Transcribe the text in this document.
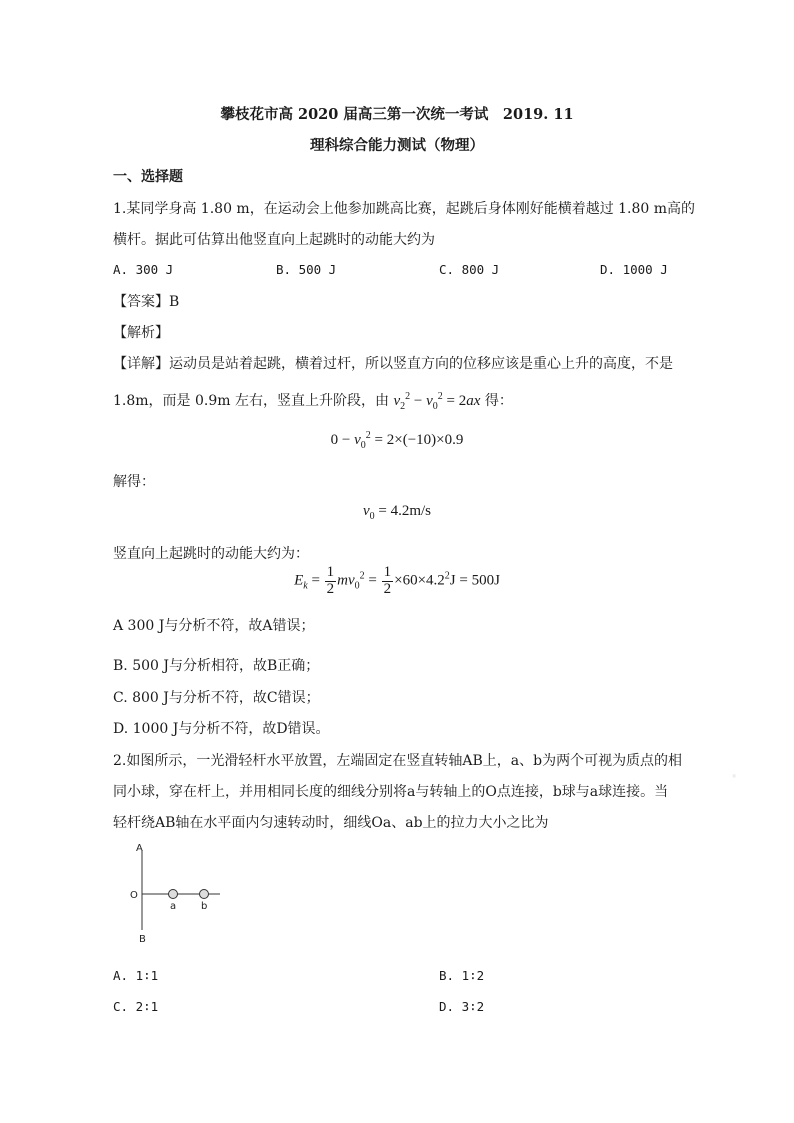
攀枝花市高 2020 届高三第一次统一考试　2019. 11
理科综合能力测试（物理）
一、选择题
1.某同学身高 1.80 m，在运动会上他参加跳高比赛，起跳后身体刚好能横着越过 1.80 m高的
横杆。据此可估算出他竖直向上起跳时的动能大约为
A. 300 J	B. 500 J	C. 800 J	D. 1000 J
【答案】B
【解析】
【详解】运动员是站着起跳，横着过杆，所以竖直方向的位移应该是重心上升的高度，不是
1.8m，而是 0.9m 左右，竖直上升阶段，由 $v_2^2 - v_0^2 = 2ax$ 得：
$0 - v_0^2 = 2\times(-10)\times 0.9$
解得：
$v_0 = 4.2m/s$
竖直向上起跳时的动能大约为：
$E_k = \frac{1}{2} mv_0^2 = \frac{1}{2} \times 60\times 4.2^2J = 500J$
A 300 J与分析不符，故A错误；
B. 500 J与分析相符，故B正确；
C. 800 J与分析不符，故C错误；
D. 1000 J与分析不符，故D错误。
2.如图所示，一光滑轻杆水平放置，左端固定在竖直转轴AB上，a、b为两个可视为质点的相
同小球，穿在杆上，并用相同长度的细线分别将a与转轴上的O点连接，b球与a球连接。当
轻杆绕AB轴在水平面内匀速转动时，细线Oa、ab上的拉力大小之比为
·
A
O
B
a b
A. 1∶1	B. 1∶2
C. 2∶1	D. 3∶2
